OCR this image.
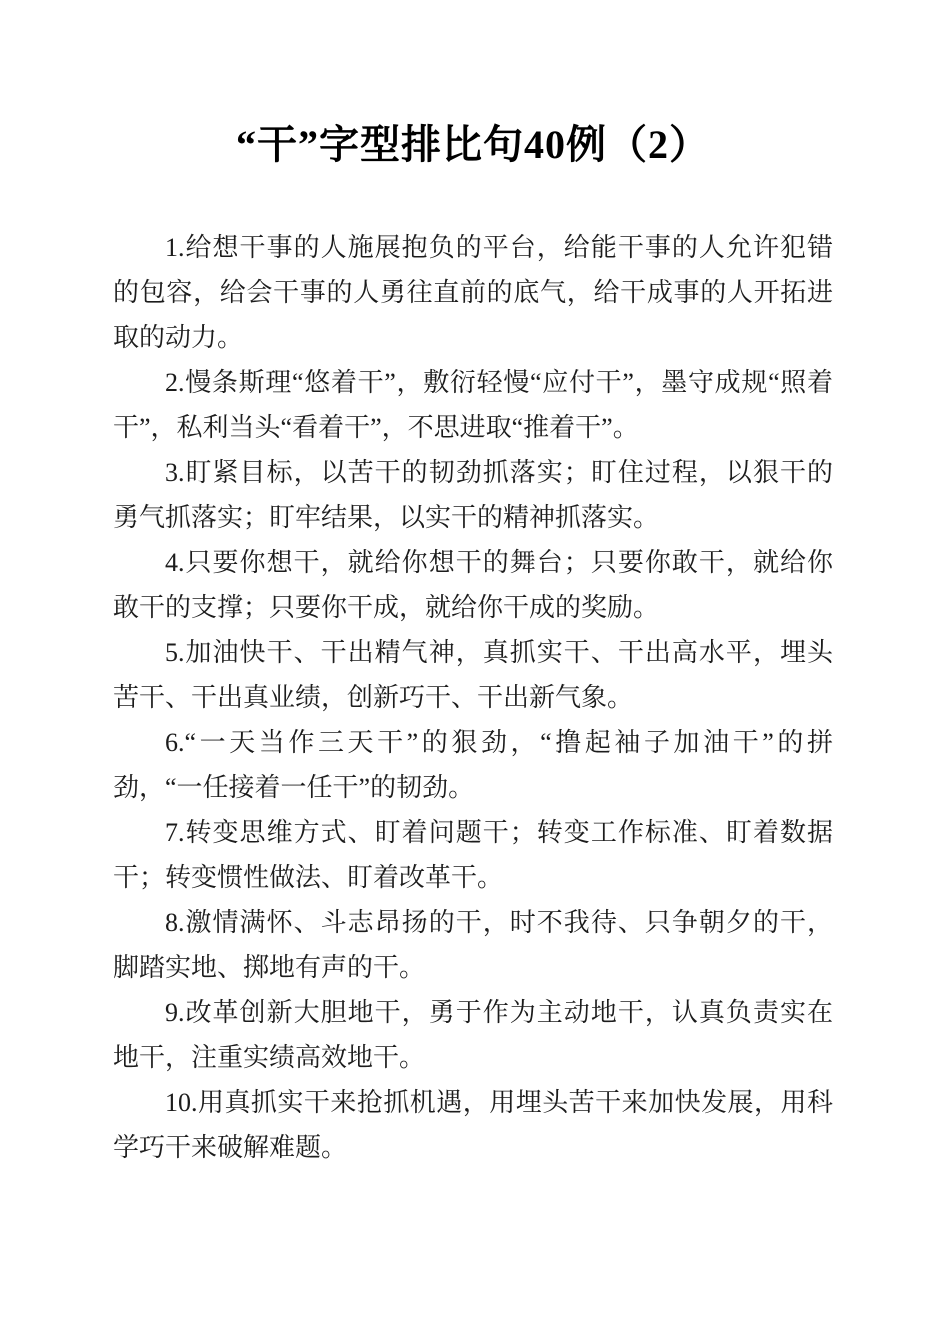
“干”字型排比句40例（2）

1.给想干事的人施展抱负的平台，给能干事的人允许犯错的包容，给会干事的人勇往直前的底气，给干成事的人开拓进取的动力。

2.慢条斯理“悠着干”，敷衍轻慢“应付干”，墨守成规“照着干”，私利当头“看着干”，不思进取“推着干”。

3.盯紧目标，以苦干的韧劲抓落实；盯住过程，以狠干的勇气抓落实；盯牢结果，以实干的精神抓落实。

4.只要你想干，就给你想干的舞台；只要你敢干，就给你敢干的支撑；只要你干成，就给你干成的奖励。

5.加油快干、干出精气神，真抓实干、干出高水平，埋头苦干、干出真业绩，创新巧干、干出新气象。

6.“一天当作三天干”的狠劲，“撸起袖子加油干”的拼劲，“一任接着一任干”的韧劲。

7.转变思维方式、盯着问题干；转变工作标准、盯着数据干；转变惯性做法、盯着改革干。

8.激情满怀、斗志昂扬的干，时不我待、只争朝夕的干，脚踏实地、掷地有声的干。

9.改革创新大胆地干，勇于作为主动地干，认真负责实在地干，注重实绩高效地干。

10.用真抓实干来抢抓机遇，用埋头苦干来加快发展，用科学巧干来破解难题。
